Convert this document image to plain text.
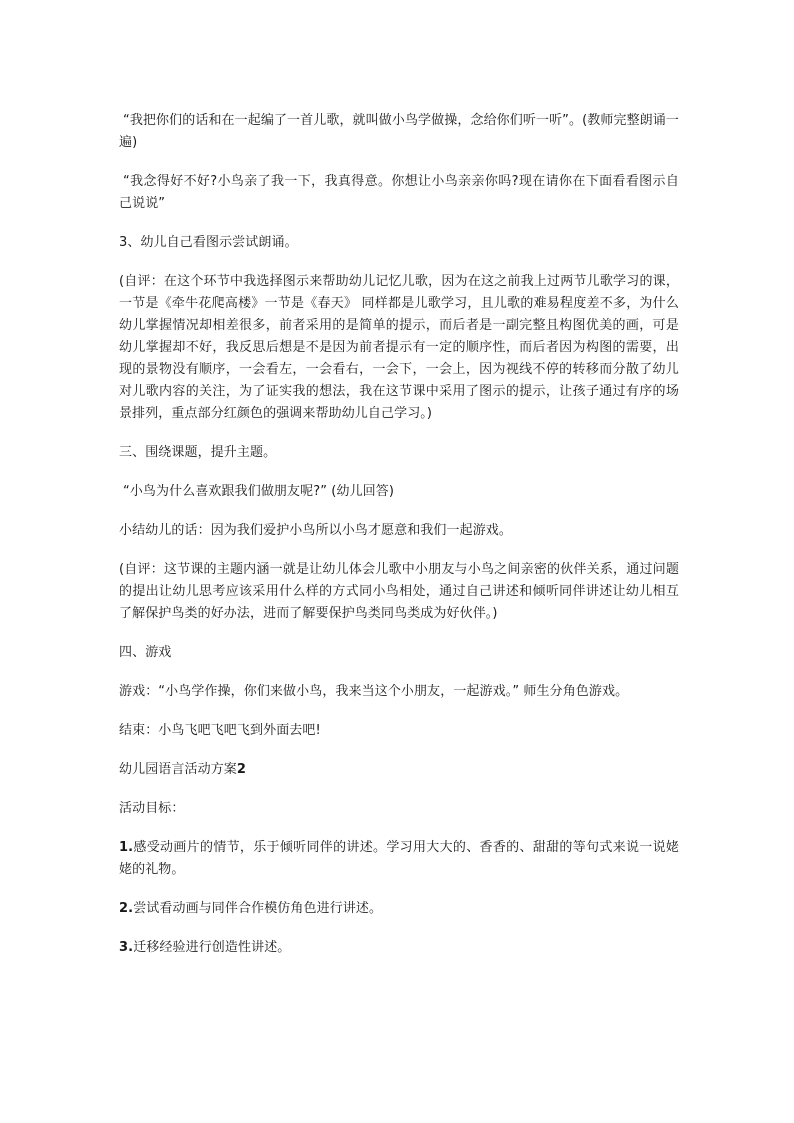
“我把你们的话和在一起编了一首儿歌，就叫做小鸟学做操，念给你们听一听”。(教师完整朗诵一遍)

“我念得好不好?小鸟亲了我一下，我真得意。你想让小鸟亲亲你吗?现在请你在下面看看图示自己说说”

3、幼儿自己看图示尝试朗诵。

(自评：在这个环节中我选择图示来帮助幼儿记忆儿歌，因为在这之前我上过两节儿歌学习的课，一节是《牵牛花爬高楼》一节是《春天》 同样都是儿歌学习，且儿歌的难易程度差不多，为什么幼儿掌握情况却相差很多，前者采用的是简单的提示，而后者是一副完整且构图优美的画，可是幼儿掌握却不好，我反思后想是不是因为前者提示有一定的顺序性，而后者因为构图的需要，出现的景物没有顺序，一会看左，一会看右，一会下，一会上，因为视线不停的转移而分散了幼儿对儿歌内容的关注，为了证实我的想法，我在这节课中采用了图示的提示，让孩子通过有序的场景排列，重点部分红颜色的强调来帮助幼儿自己学习。)

三、围绕课题，提升主题。

“小鸟为什么喜欢跟我们做朋友呢?” (幼儿回答)

小结幼儿的话：因为我们爱护小鸟所以小鸟才愿意和我们一起游戏。

(自评：这节课的主题内涵一就是让幼儿体会儿歌中小朋友与小鸟之间亲密的伙伴关系，通过问题的提出让幼儿思考应该采用什么样的方式同小鸟相处，通过自己讲述和倾听同伴讲述让幼儿相互了解保护鸟类的好办法，进而了解要保护鸟类同鸟类成为好伙伴。)

四、游戏

游戏：“小鸟学作操，你们来做小鸟，我来当这个小朋友，一起游戏。” 师生分角色游戏。

结束：小鸟飞吧飞吧飞到外面去吧!

幼儿园语言活动方案2

活动目标：

1.感受动画片的情节，乐于倾听同伴的讲述。学习用大大的、香香的、甜甜的等句式来说一说姥姥的礼物。

2.尝试看动画与同伴合作模仿角色进行讲述。

3.迁移经验进行创造性讲述。
